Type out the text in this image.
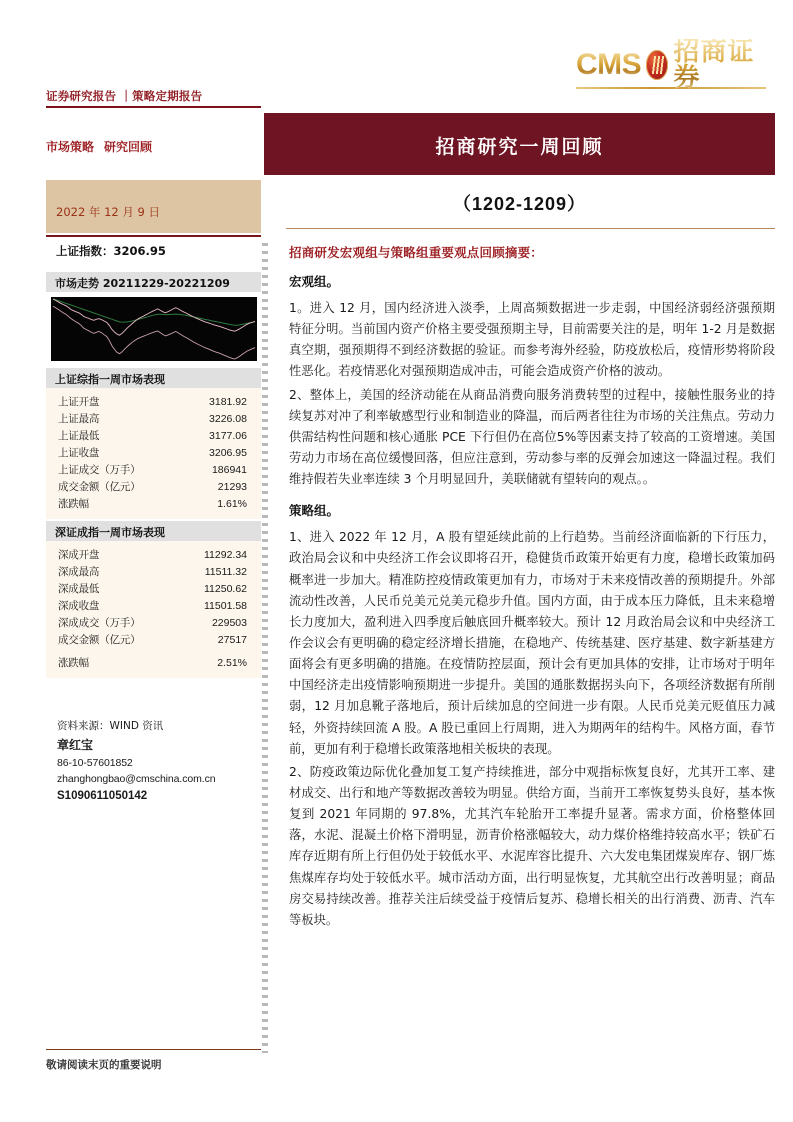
CMS 招商证券
证券研究报告 ｜策略定期报告
市场策略 研究回顾
2022 年 12 月 9 日
上证指数：3206.95
市场走势 20211229-20221209
上证综指一周市场表现
上证开盘	3181.92
上证最高	3226.08
上证最低	3177.06
上证收盘	3206.95
上证成交（万手）	186941
成交金额（亿元）	21293
涨跌幅	1.61%
深证成指一周市场表现
深成开盘	11292.34
深成最高	11511.32
深成最低	11250.62
深成收盘	11501.58
深成成交（万手）	229503
成交金额（亿元）	27517
涨跌幅	2.51%
资料来源：WIND 资讯
章红宝
86-10-57601852
zhanghongbao@cmschina.com.cn
S1090611050142
招商研究一周回顾
（1202-1209）
招商研发宏观组与策略组重要观点回顾摘要：
宏观组。

1。进入 12 月，国内经济进入淡季，上周高频数据进一步走弱，中国经济弱经济强预期特征分明。当前国内资产价格主要受强预期主导，目前需要关注的是，明年 1-2 月是数据真空期，强预期得不到经济数据的验证。而参考海外经验，防疫放松后，疫情形势将阶段性恶化。若疫情恶化对强预期造成冲击，可能会造成资产价格的波动。

2、整体上，美国的经济动能在从商品消费向服务消费转型的过程中，接触性服务业的持续复苏对冲了利率敏感型行业和制造业的降温，而后两者往往为市场的关注焦点。劳动力供需结构性问题和核心通胀 PCE 下行但仍在高位5%等因素支持了较高的工资增速。美国劳动力市场在高位缓慢回落，但应注意到，劳动参与率的反弹会加速这一降温过程。我们维持假若失业率连续 3 个月明显回升，美联储就有望转向的观点。。

策略组。

1、进入 2022 年 12 月，A 股有望延续此前的上行趋势。当前经济面临新的下行压力，政治局会议和中央经济工作会议即将召开，稳健货币政策开始更有力度，稳增长政策加码概率进一步加大。精准防控疫情政策更加有力，市场对于未来疫情改善的预期提升。外部流动性改善，人民币兑美元兑美元稳步升值。国内方面，由于成本压力降低，且未来稳增长力度加大，盈利进入四季度后触底回升概率较大。预计 12 月政治局会议和中央经济工作会议会有更明确的稳定经济增长措施，在稳地产、传统基建、医疗基建、数字新基建方面将会有更多明确的措施。在疫情防控层面，预计会有更加具体的安排，让市场对于明年中国经济走出疫情影响预期进一步提升。美国的通胀数据拐头向下，各项经济数据有所削弱，12 月加息靴子落地后，预计后续加息的空间进一步有限。人民币兑美元贬值压力减轻，外资持续回流 A 股。A 股已重回上行周期，进入为期两年的结构牛。风格方面，春节前，更加有利于稳增长政策落地相关板块的表现。

2、防疫政策边际优化叠加复工复产持续推进，部分中观指标恢复良好，尤其开工率、建材成交、出行和地产等数据改善较为明显。供给方面，当前开工率恢复势头良好，基本恢复到 2021 年同期的 97.8%，尤其汽车轮胎开工率提升显著。需求方面，价格整体回落，水泥、混凝土价格下滑明显，沥青价格涨幅较大，动力煤价格维持较高水平；铁矿石库存近期有所上行但仍处于较低水平、水泥库容比提升、六大发电集团煤炭库存、钢厂炼焦煤库存均处于较低水平。城市活动方面，出行明显恢复，尤其航空出行改善明显；商品房交易持续改善。推荐关注后续受益于疫情后复苏、稳增长相关的出行消费、沥青、汽车等板块。

敬请阅读末页的重要说明
